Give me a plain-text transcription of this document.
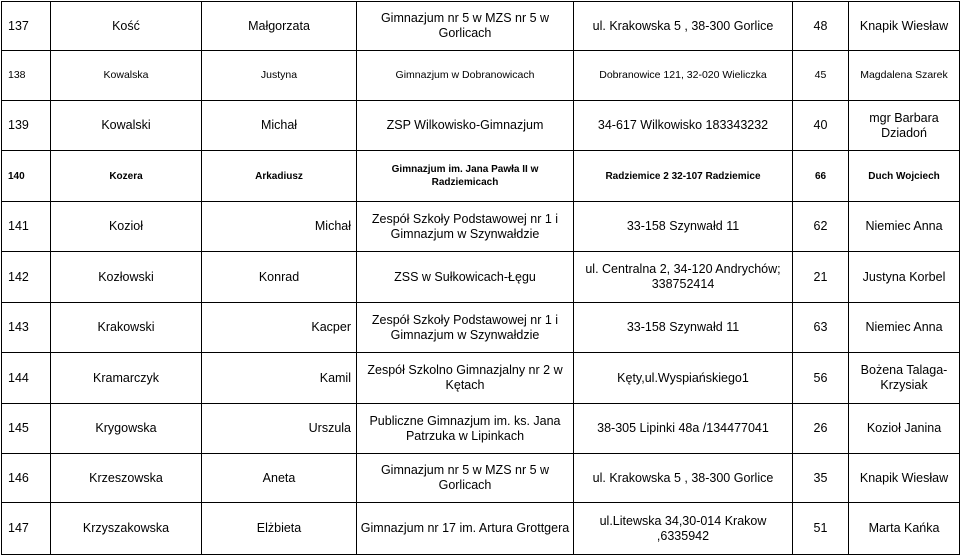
137	Kość	Małgorzata	Gimnazjum nr 5 w MZS nr 5 w Gorlicach	ul. Krakowska 5 , 38-300 Gorlice	48	Knapik Wiesław
138	Kowalska	Justyna	Gimnazjum w Dobranowicach	Dobranowice 121, 32-020 Wieliczka	45	Magdalena Szarek
139	Kowalski	Michał	ZSP Wilkowisko-Gimnazjum	34-617 Wilkowisko 183343232	40	mgr Barbara Dziadoń
140	Kozera	Arkadiusz	Gimnazjum im. Jana Pawła II w Radziemicach	Radziemice 2 32-107 Radziemice	66	Duch Wojciech
141	Kozioł	Michał	Zespół Szkoły Podstawowej nr 1 i Gimnazjum w Szynwałdzie	33-158 Szynwałd 11	62	Niemiec Anna
142	Kozłowski	Konrad	ZSS w Sułkowicach-Łęgu	ul. Centralna 2, 34-120 Andrychów; 338752414	21	Justyna Korbel
143	Krakowski	Kacper	Zespół Szkoły Podstawowej nr 1 i Gimnazjum w Szynwałdzie	33-158 Szynwałd 11	63	Niemiec Anna
144	Kramarczyk	Kamil	Zespół Szkolno Gimnazjalny nr 2 w Kętach	Kęty,ul.Wyspiańskiego1	56	Bożena Talaga-Krzysiak
145	Krygowska	Urszula	Publiczne Gimnazjum im. ks. Jana Patrzuka w Lipinkach	38-305 Lipinki 48a /134477041	26	Kozioł Janina
146	Krzeszowska	Aneta	Gimnazjum nr 5 w MZS nr 5 w Gorlicach	ul. Krakowska 5 , 38-300 Gorlice	35	Knapik Wiesław
147	Krzyszakowska	Elżbieta	Gimnazjum nr 17 im. Artura Grottgera	ul.Litewska 34,30-014 Krakow ,6335942	51	Marta Kańka
